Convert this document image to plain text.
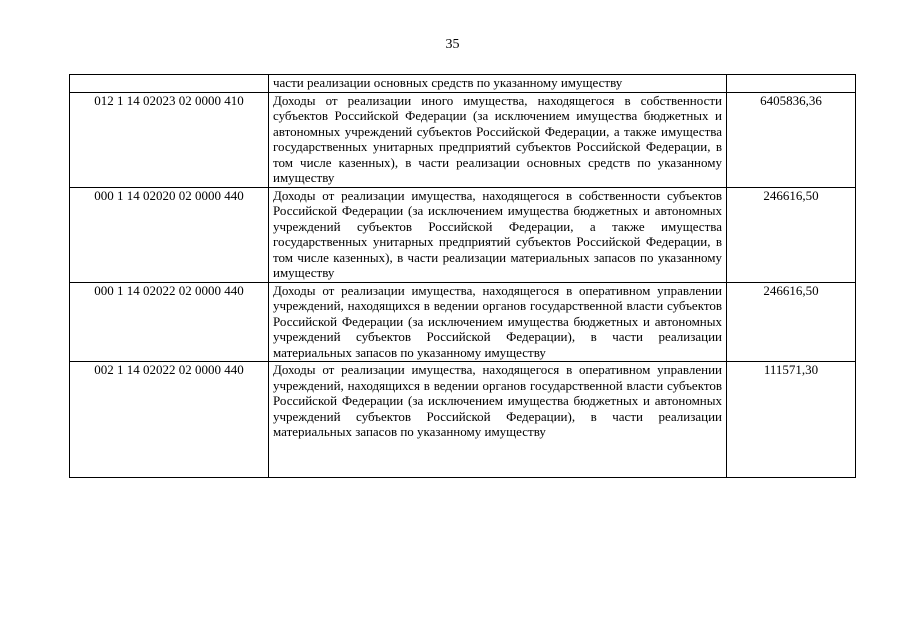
35
	части реализации основных средств по указанному имуществу	
012 1 14 02023 02 0000 410	Доходы от реализации иного имущества, находящегося в собственности субъектов Российской Федерации (за исключением имущества бюджетных и автономных учреждений субъектов Российской Федерации, а также имущества государственных унитарных предприятий субъектов Российской Федерации, в том числе казенных), в части реализации основных средств по указанному имуществу	6405836,36
000 1 14 02020 02 0000 440	Доходы от реализации имущества, находящегося в собственности субъектов Российской Федерации (за исключением имущества бюджетных и автономных учреждений субъектов Российской Федерации, а также имущества государственных унитарных предприятий субъектов Российской Федерации, в том числе казенных), в части реализации материальных запасов по указанному имуществу	246616,50
000 1 14 02022 02 0000 440	Доходы от реализации имущества, находящегося в оперативном управлении учреждений, находящихся в ведении органов государственной власти субъектов Российской Федерации (за исключением имущества бюджетных и автономных учреждений субъектов Российской Федерации), в части реализации материальных запасов по указанному имуществу	246616,50
002 1 14 02022 02 0000 440	Доходы от реализации имущества, находящегося в оперативном управлении учреждений, находящихся в ведении органов государственной власти субъектов Российской Федерации (за исключением имущества бюджетных и автономных учреждений субъектов Российской Федерации), в части реализации материальных запасов по указанному имуществу	111571,30
